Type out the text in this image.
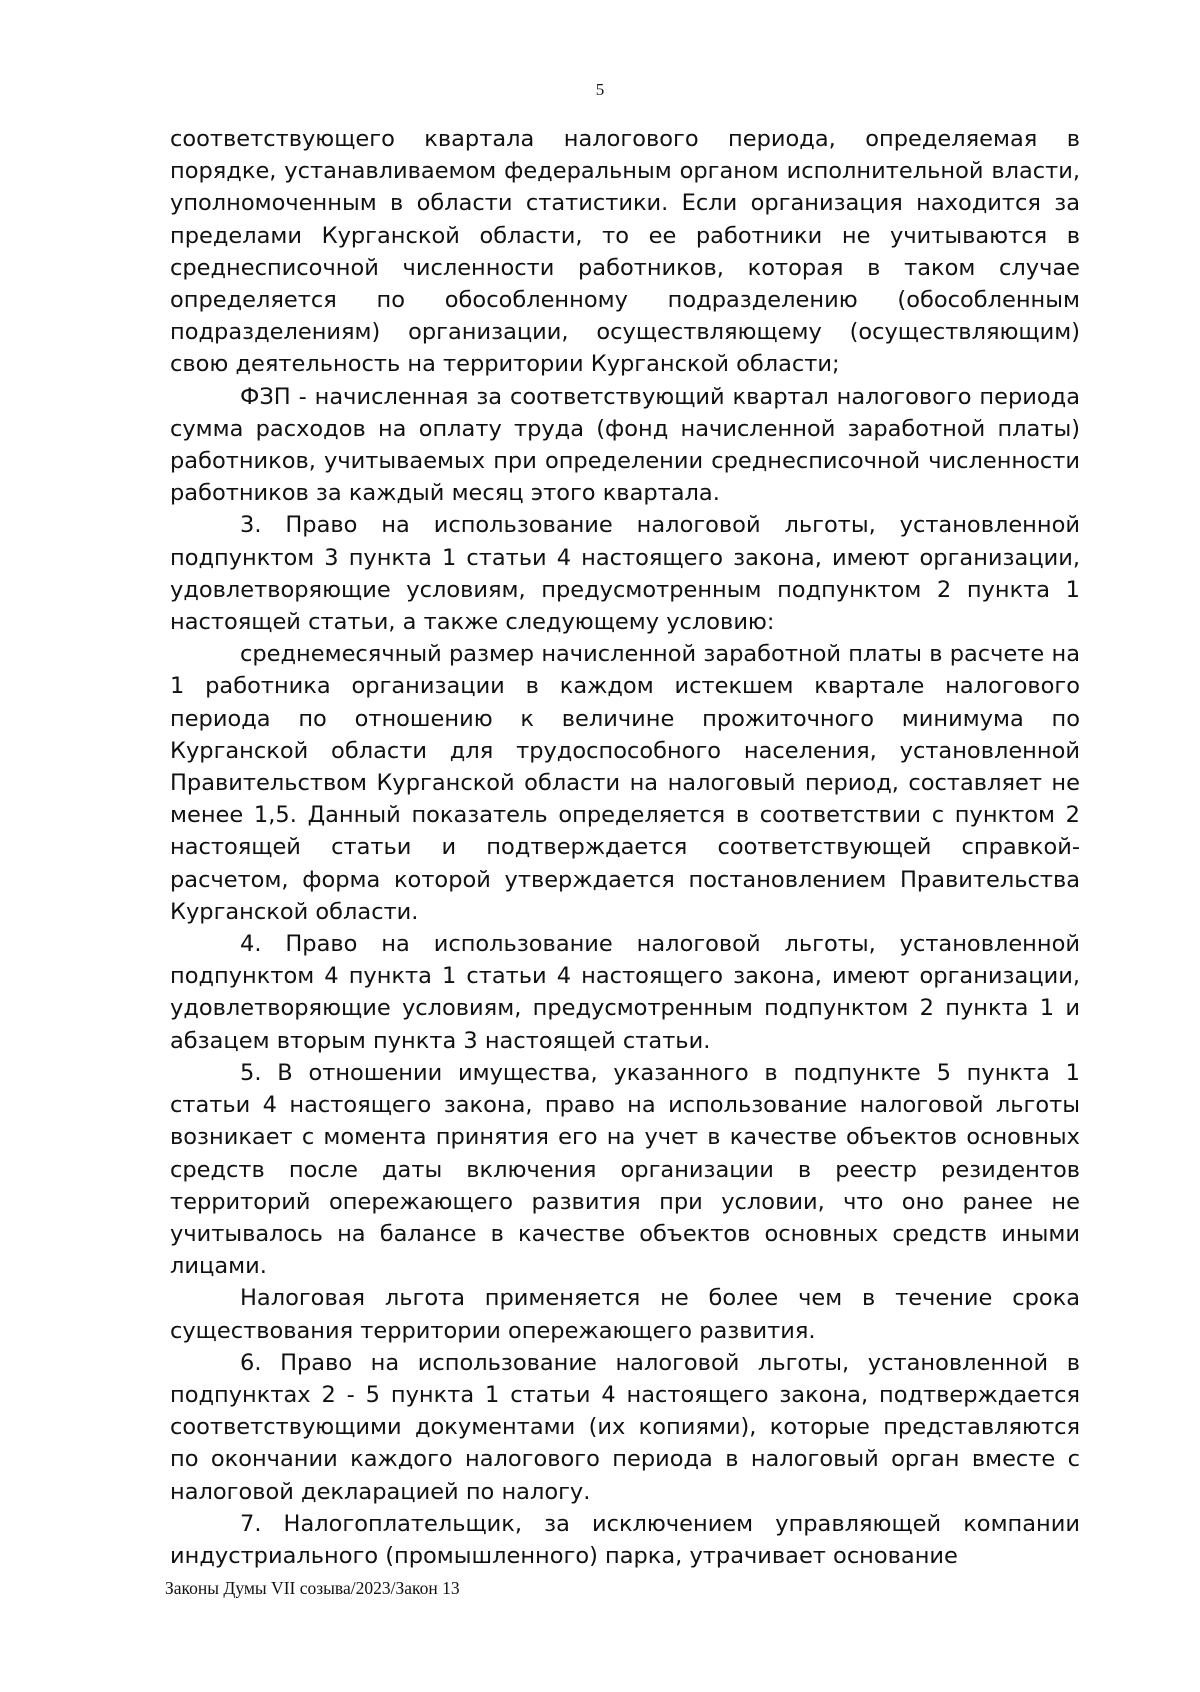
5

соответствующего квартала налогового периода, определяемая в порядке, устанавливаемом федеральным органом исполнительной власти, уполномоченным в области статистики. Если организация находится за пределами Курганской области, то ее работники не учитываются в среднесписочной численности работников, которая в таком случае определяется по обособленному подразделению (обособленным подразделениям) организации, осуществляющему (осуществляющим) свою деятельность на территории Курганской области;

ФЗП - начисленная за соответствующий квартал налогового периода сумма расходов на оплату труда (фонд начисленной заработной платы) работников, учитываемых при определении среднесписочной численности работников за каждый месяц этого квартала.

3. Право на использование налоговой льготы, установленной подпунктом 3 пункта 1 статьи 4 настоящего закона, имеют организации, удовлетворяющие условиям, предусмотренным подпунктом 2 пункта 1 настоящей статьи, а также следующему условию:

среднемесячный размер начисленной заработной платы в расчете на 1 работника организации в каждом истекшем квартале налогового периода по отношению к величине прожиточного минимума по Курганской области для трудоспособного населения, установленной Правительством Курганской области на налоговый период, составляет не менее 1,5. Данный показатель определяется в соответствии с пунктом 2 настоящей статьи и подтверждается соответствующей справкой-расчетом, форма которой утверждается постановлением Правительства Курганской области.

4. Право на использование налоговой льготы, установленной подпунктом 4 пункта 1 статьи 4 настоящего закона, имеют организации, удовлетворяющие условиям, предусмотренным подпунктом 2 пункта 1 и абзацем вторым пункта 3 настоящей статьи.

5. В отношении имущества, указанного в подпункте 5 пункта 1 статьи 4 настоящего закона, право на использование налоговой льготы возникает с момента принятия его на учет в качестве объектов основных средств после даты включения организации в реестр резидентов территорий опережающего развития при условии, что оно ранее не учитывалось на балансе в качестве объектов основных средств иными лицами.

Налоговая льгота применяется не более чем в течение срока существования территории опережающего развития.

6. Право на использование налоговой льготы, установленной в подпунктах 2 - 5 пункта 1 статьи 4 настоящего закона, подтверждается соответствующими документами (их копиями), которые представляются по окончании каждого налогового периода в налоговый орган вместе с налоговой декларацией по налогу.

7. Налогоплательщик, за исключением управляющей компании индустриального (промышленного) парка, утрачивает основание

Законы Думы VII созыва/2023/Закон 13
